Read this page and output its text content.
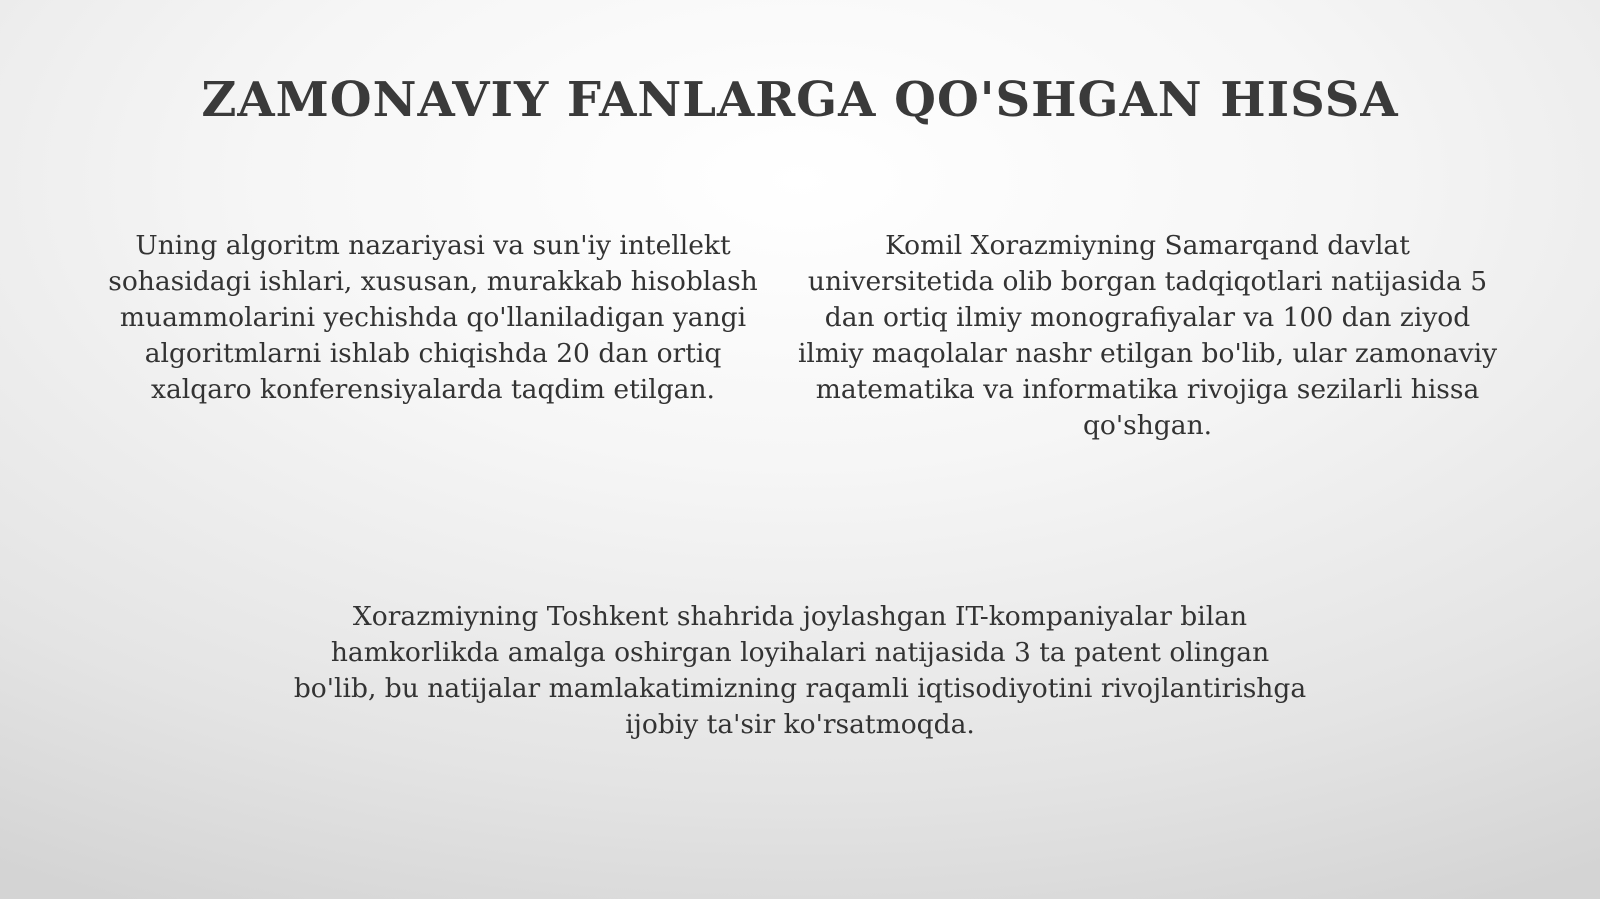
ZAMONAVIY FANLARGA QO'SHGAN HISSA

Uning algoritm nazariyasi va sun'iy intellekt sohasidagi ishlari, xususan, murakkab hisoblash muammolarini yechishda qo'llaniladigan yangi algoritmlarni ishlab chiqishda 20 dan ortiq xalqaro konferensiyalarda taqdim etilgan.

Komil Xorazmiyning Samarqand davlat universitetida olib borgan tadqiqotlari natijasida 5 dan ortiq ilmiy monografiyalar va 100 dan ziyod ilmiy maqolalar nashr etilgan bo'lib, ular zamonaviy matematika va informatika rivojiga sezilarli hissa qo'shgan.

Xorazmiyning Toshkent shahrida joylashgan IT-kompaniyalar bilan hamkorlikda amalga oshirgan loyihalari natijasida 3 ta patent olingan bo'lib, bu natijalar mamlakatimizning raqamli iqtisodiyotini rivojlantirishga ijobiy ta'sir ko'rsatmoqda.
